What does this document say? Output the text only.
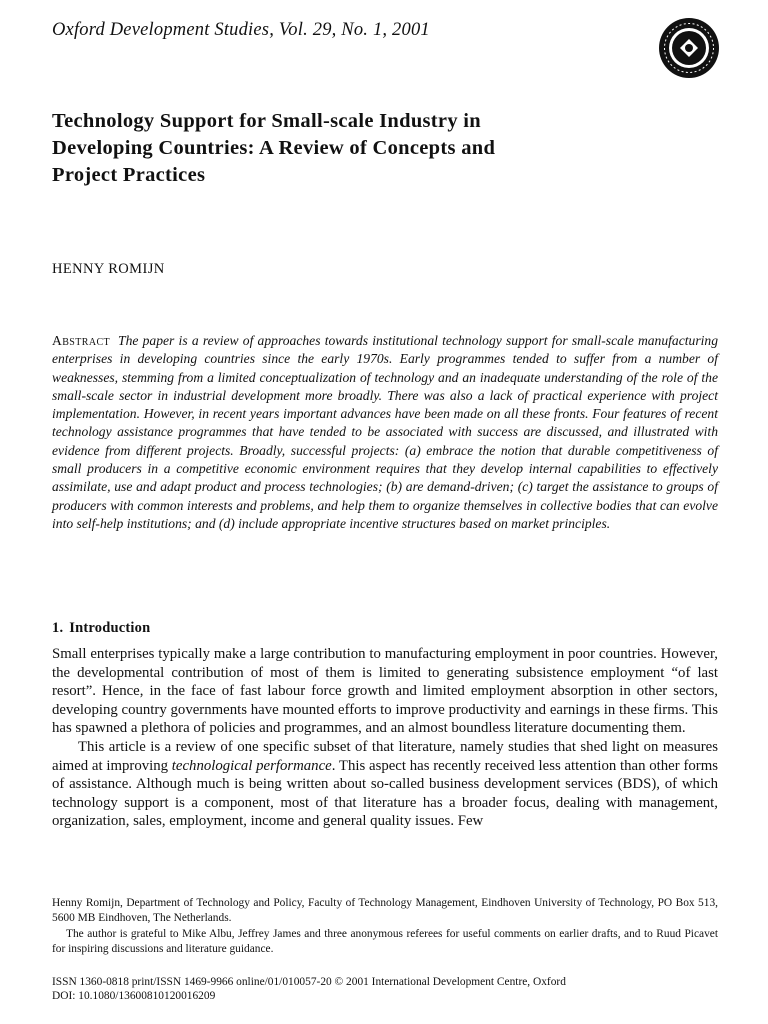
Oxford Development Studies, Vol. 29, No. 1, 2001
Technology Support for Small-scale Industry in
Developing Countries: A Review of Concepts and
Project Practices
HENNY ROMIJN
Abstract The paper is a review of approaches towards institutional technology support for small-scale manufacturing enterprises in developing countries since the early 1970s. Early programmes tended to suffer from a number of weaknesses, stemming from a limited conceptualization of technology and an inadequate understanding of the role of the small-scale sector in industrial development more broadly. There was also a lack of practical experience with project implementation. However, in recent years important advances have been made on all these fronts. Four features of recent technology assistance programmes that have tended to be associated with success are discussed, and illustrated with evidence from different projects. Broadly, successful projects: (a) embrace the notion that durable competitiveness of small producers in a competitive economic environment requires that they develop internal capabilities to effectively assimilate, use and adapt product and process technologies; (b) are demand-driven; (c) target the assistance to groups of producers with common interests and problems, and help them to organize themselves in collective bodies that can evolve into self-help institutions; and (d) include appropriate incentive structures based on market principles.
1. Introduction

Small enterprises typically make a large contribution to manufacturing employment in poor countries. However, the developmental contribution of most of them is limited to generating subsistence employment “of last resort”. Hence, in the face of fast labour force growth and limited employment absorption in other sectors, developing country governments have mounted efforts to improve productivity and earnings in these firms. This has spawned a plethora of policies and programmes, and an almost boundless literature documenting them.

This article is a review of one specific subset of that literature, namely studies that shed light on measures aimed at improving technological performance. This aspect has recently received less attention than other forms of assistance. Although much is being written about so-called business development services (BDS), of which technology support is a component, most of that literature has a broader focus, dealing with management, organization, sales, employment, income and general quality issues. Few

Henny Romijn, Department of Technology and Policy, Faculty of Technology Management, Eindhoven University of Technology, PO Box 513, 5600 MB Eindhoven, The Netherlands.

The author is grateful to Mike Albu, Jeffrey James and three anonymous referees for useful comments on earlier drafts, and to Ruud Picavet for inspiring discussions and literature guidance.

ISSN 1360-0818 print/ISSN 1469-9966 online/01/010057-20 © 2001 International Development Centre, Oxford
DOI: 10.1080/13600810120016209
